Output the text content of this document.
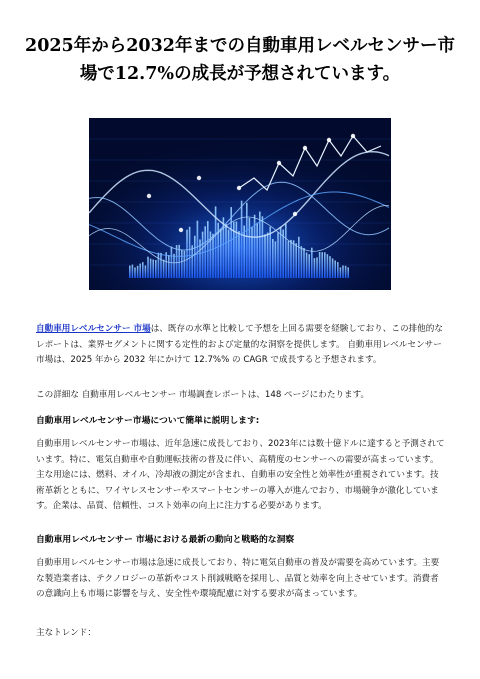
2025年から2032年までの自動車用レベルセンサー市場で12.7%の成長が予想されています。

自動車用レベルセンサー 市場は、既存の水準と比較して予想を上回る需要を経験しており、この排他的なレポートは、業界セグメントに関する定性的および定量的な洞察を提供します。 自動車用レベルセンサー 市場は、2025 年から 2032 年にかけて 12.7%% の CAGR で成長すると予想されます。

この詳細な 自動車用レベルセンサー 市場調査レポートは、148 ページにわたります。

自動車用レベルセンサー市場について簡単に説明します:

自動車用レベルセンサー市場は、近年急速に成長しており、2023年には数十億ドルに達すると予測されています。特に、電気自動車や自動運転技術の普及に伴い、高精度のセンサーへの需要が高まっています。主な用途には、燃料、オイル、冷却液の測定が含まれ、自動車の安全性と効率性が重視されています。技術革新とともに、ワイヤレスセンサーやスマートセンサーの導入が進んでおり、市場競争が激化しています。企業は、品質、信頼性、コスト効率の向上に注力する必要があります。

自動車用レベルセンサー 市場における最新の動向と戦略的な洞察

自動車用レベルセンサー市場は急速に成長しており、特に電気自動車の普及が需要を高めています。主要な製造業者は、テクノロジーの革新やコスト削減戦略を採用し、品質と効率を向上させています。消費者の意識向上も市場に影響を与え、安全性や環境配慮に対する要求が高まっています。

主なトレンド：
